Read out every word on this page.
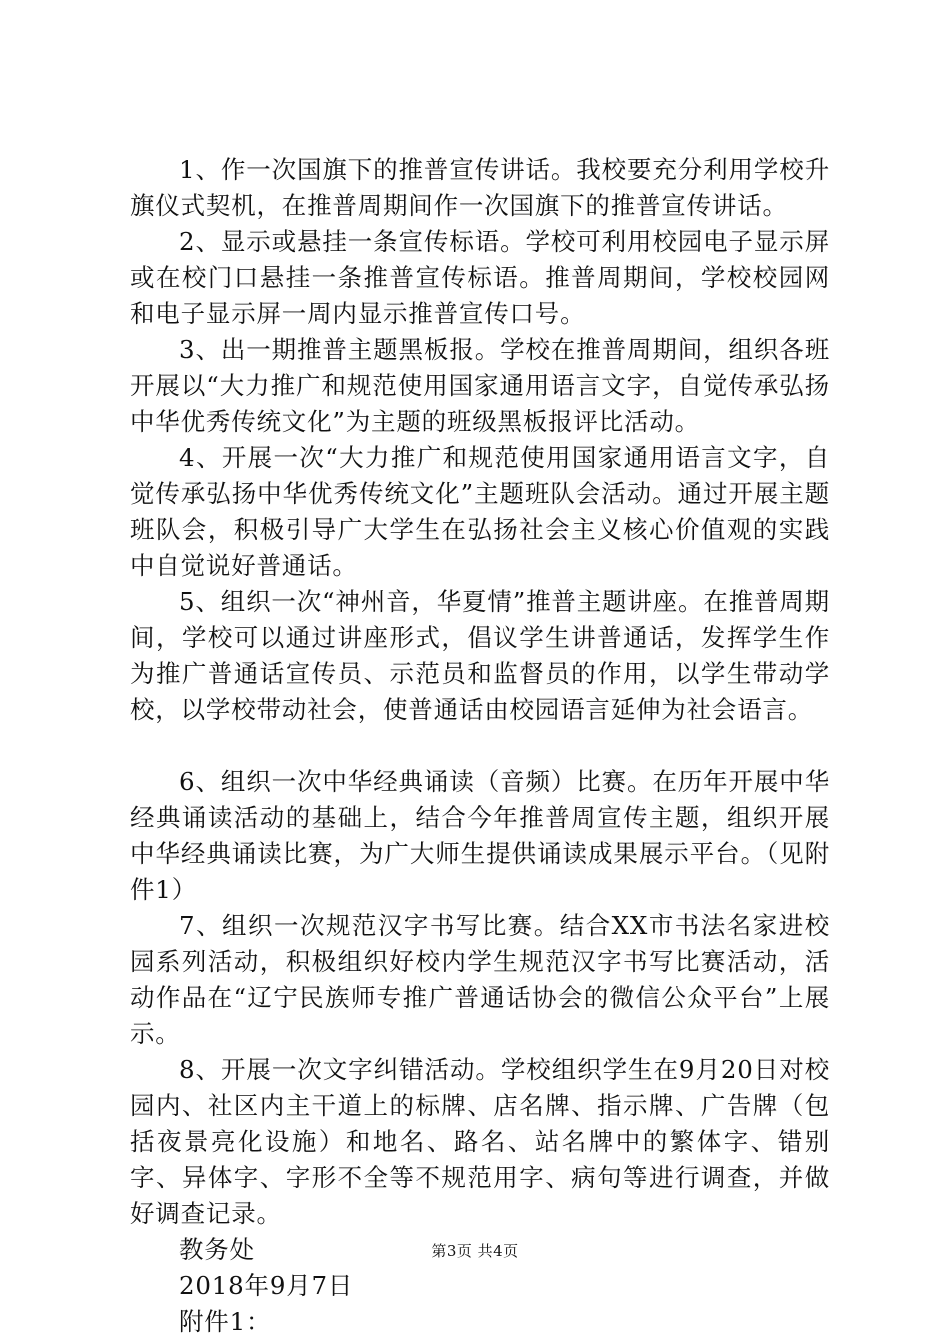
1、作一次国旗下的推普宣传讲话。我校要充分利用学校升旗仪式契机，在推普周期间作一次国旗下的推普宣传讲话。

2、显示或悬挂一条宣传标语。学校可利用校园电子显示屏或在校门口悬挂一条推普宣传标语。推普周期间，学校校园网和电子显示屏一周内显示推普宣传口号。

3、出一期推普主题黑板报。学校在推普周期间，组织各班开展以“大力推广和规范使用国家通用语言文字，自觉传承弘扬中华优秀传统文化”为主题的班级黑板报评比活动。

4、开展一次“大力推广和规范使用国家通用语言文字，自觉传承弘扬中华优秀传统文化”主题班队会活动。通过开展主题班队会，积极引导广大学生在弘扬社会主义核心价值观的实践中自觉说好普通话。

5、组织一次“神州音，华夏情”推普主题讲座。在推普周期间，学校可以通过讲座形式，倡议学生讲普通话，发挥学生作为推广普通话宣传员、示范员和监督员的作用，以学生带动学校，以学校带动社会，使普通话由校园语言延伸为社会语言。

6、组织一次中华经典诵读（音频）比赛。在历年开展中华经典诵读活动的基础上，结合今年推普周宣传主题，组织开展中华经典诵读比赛，为广大师生提供诵读成果展示平台。（见附件1）

7、组织一次规范汉字书写比赛。结合XX市书法名家进校园系列活动，积极组织好校内学生规范汉字书写比赛活动，活动作品在“辽宁民族师专推广普通话协会的微信公众平台”上展示。

8、开展一次文字纠错活动。学校组织学生在9月20日对校园内、社区内主干道上的标牌、店名牌、指示牌、广告牌（包括夜景亮化设施）和地名、路名、站名牌中的繁体字、错别字、异体字、字形不全等不规范用字、病句等进行调查，并做好调查记录。

教务处

2018年9月7日

附件1：

第3页 共4页
